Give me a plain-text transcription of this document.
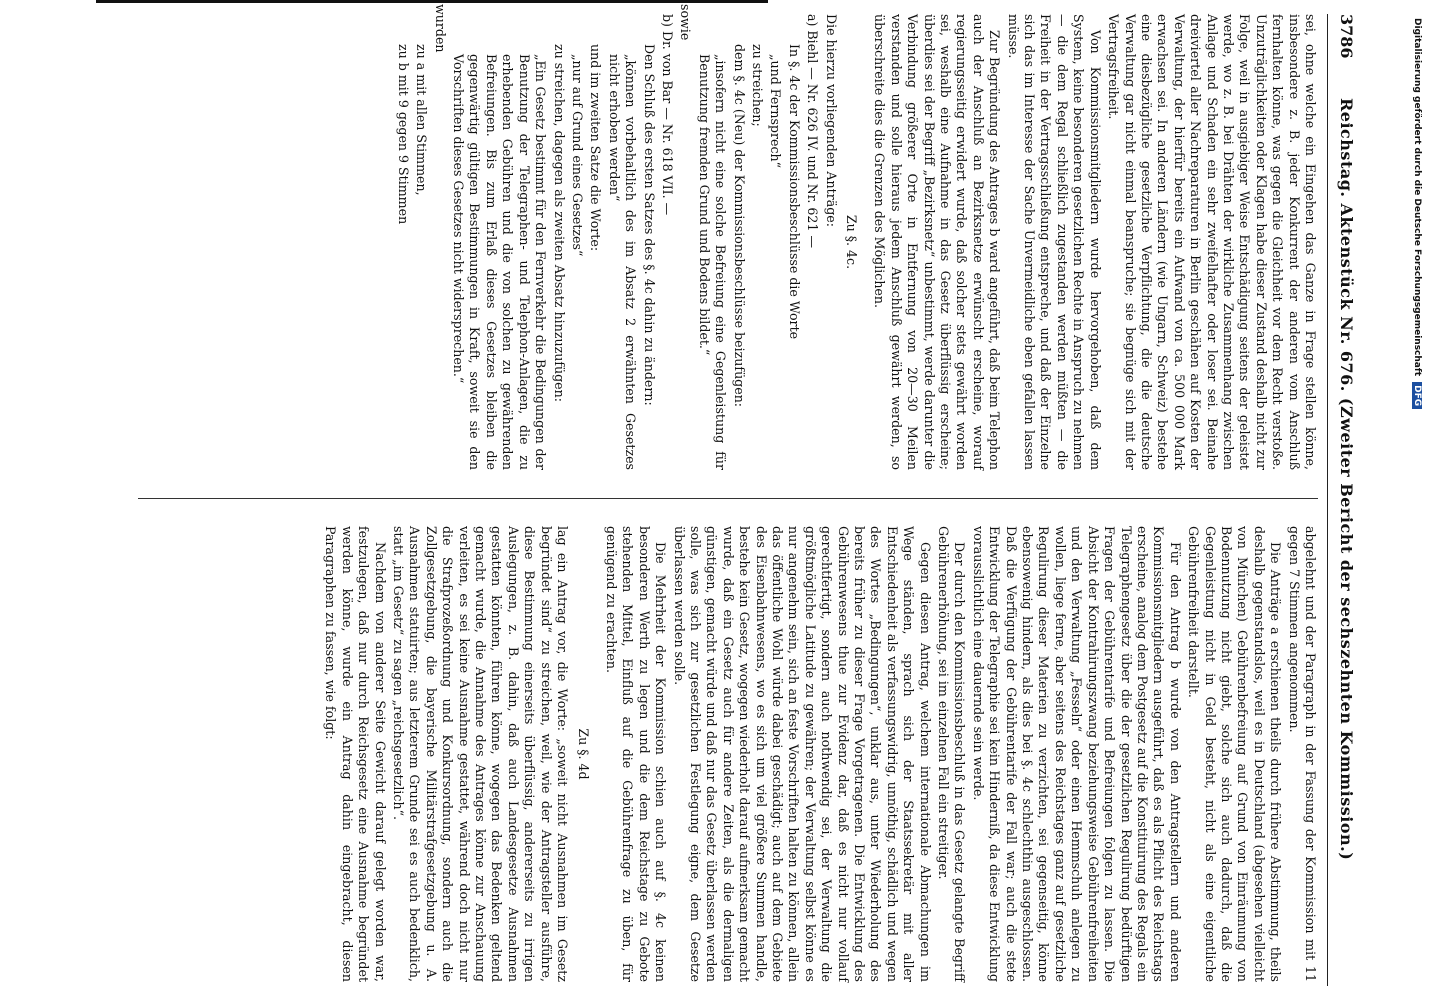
3786
Reichstag. Aktenstück Nr. 676. (Zweiter Bericht der sechszehnten Kommission.)

sei, ohne welche ein Eingehen das Ganze in Frage stellen könne, insbesondere z. B. jeder Konkurrent der anderen vom Anschluß fernhalten könne, was gegen die Gleichheit vor dem Recht verstoße. Unzuträglichkeiten oder Klagen habe dieser Zustand deshalb nicht zur Folge, weil in ausgiebiger Weise Entschädigung seitens der geleistet werde, wo z. B. bei Drähten der wirkliche Zusammenhang zwischen Anlage und Schaden ein sehr zweifelhafter oder loser sei. Beinahe dreiviertel aller Nachreparaturen in Berlin geschähen auf Kosten der Verwaltung, der hierfür bereits ein Aufwand von ca. 500 000 Mark erwachsen sei. In anderen Ländern (wie Ungarn, Schweiz) bestehe eine diesbezügliche gesetzliche Verpflichtung, die die deutsche Verwaltung gar nicht einmal beanspruche; sie begnüge sich mit der Vertragsfreiheit.

Von Kommissionsmitgliedern wurde hervorgehoben, daß dem System, keine besonderen gesetzlichen Rechte in Anspruch zu nehmen — die dem Regal schließlich zugestanden werden müßten — die Freiheit in der Vertragsschließung entspreche, und daß der Einzelne sich das im Interesse der Sache Unvermeidliche eben gefallen lassen müsse.

Zur Begründung des Antrages b ward angeführt, daß beim Telephon auch der Anschluß an Bezirksnetze erwünscht erscheine, worauf regierungsseitig erwidert wurde, daß solcher stets gewährt worden sei, weshalb eine Aufnahme in das Gesetz überflüssig erscheine; überdies sei der Begriff „Bezirksnetz“ unbestimmt, werde darunter die Verbindung größerer Orte in Entfernung von 20—30 Meilen verstanden und solle hieraus jedem Anschluß gewährt werden, so überschreite dies die Grenzen des Möglichen.

Zu §. 4c.

Die hierzu vorliegenden Anträge:

a) Biehl — Nr. 626 IV. und Nr. 621 —

In §. 4c der Kommissionsbeschlüsse die Worte

„und Fernsprech“

zu streichen;

dem §. 4c (Neu) der Kommissionsbeschlüsse beizufügen:

„insofern nicht eine solche Befreiung eine Gegenleistung für Benutzung fremden Grund und Bodens bildet.“

sowie

b) Dr. von Bar — Nr. 618 VII. —

Den Schluß des ersten Satzes des §. 4c dahin zu ändern:

„können vorbehaltlich des im Absatz 2 erwähnten Gesetzes nicht erhoben werden“

und im zweiten Satze die Worte:

„nur auf Grund eines Gesetzes“

zu streichen, dagegen als zweiten Absatz hinzuzufügen:

„Ein Gesetz bestimmt für den Fernverkehr die Bedingungen der Benutzung der Telegraphen- und Telephon-Anlagen, die zu erhebenden Gebühren und die von solchen zu gewährenden Befreiungen. Bis zum Erlaß dieses Gesetzes bleiben die gegenwärtig gültigen Bestimmungen in Kraft, soweit sie den Vorschriften dieses Gesetzes nicht widersprechen.“

wurden

zu a mit allen Stimmen,

zu b mit 9 gegen 9 Stimmen

abgelehnt und der Paragraph in der Fassung der Kommission mit 11 gegen 7 Stimmen angenommen.

Die Anträge a erschienen theils durch frühere Abstimmung, theils deshalb gegenstandslos, weil es in Deutschland (abgesehen vielleicht von München) Gebührenbefreiung auf Grund von Einräumung von Bodennutzung nicht giebt, solche sich auch dadurch, daß die Gegenleistung nicht in Geld besteht, nicht als eine eigentliche Gebührenfreiheit darstellt.

Für den Antrag b wurde von den Antragstellern und anderen Kommissionsmitgliedern ausgeführt, daß es als Pflicht des Reichstags erscheine, analog dem Postgesetz auf die Konstituirung des Regals ein Telegraphengesetz über die der gesetzlichen Regulirung bedürftigen Fragen der Gebührentarife und Befreiungen folgen zu lassen. Die Absicht der Kontrahirungszwang beziehungsweise Gebührenfreiheiten und den Verwaltung „Fesseln“ oder einen Hemmschuh anlegen zu wollen, liege ferne, aber seitens des Reichstages ganz auf gesetzliche Regulirung dieser Materien zu verzichten, sei gegenseitig, könne ebensowenig hindern, als dies bei §. 4c schlechthin ausgeschlossen. Daß die Verfügung der Gebührentarife der Fall war; auch die stete Entwicklung der Telegraphie sei kein Hinderniß, da diese Entwicklung vorausslichtlich eine dauernde sein werde.

Der durch den Kommissionsbeschluß in das Gesetz gelangte Begriff Gebührenerhöhung, sei im einzelnen Fall ein streitiger.

Gegen diesen Antrag, welchem internationale Abmachungen im Wege ständen, sprach sich der Staatssekretär mit aller Entschiedenheit als verfassungswidrig, unnöthig, schädlich und wegen des Wortes „Bedingungen“, unklar aus, unter Wiederholung des bereits früher zu dieser Frage Vorgetragenen. Die Entwicklung des Gebührenwesens thue zur Evidenz dar, daß es nicht nur vollauf gerechtfertigt, sondern auch nothwendig sei, der Verwaltung die größtmögliche Latitude zu gewähren; der Verwaltung selbst könne es nur angenehm sein, sich an feste Vorschriften halten zu können, allein das öffentliche Wohl würde dabei geschädigt; auch auf dem Gebiete des Eisenbahnwesens, wo es sich um viel größere Summen handle, bestehe kein Gesetz, wogegen wiederholt darauf aufmerksam gemacht wurde, daß ein Gesetz auch für andere Zeiten, als die dermaligen günstigen, gemacht würde und daß nur das Gesetz überlassen werden solle, was sich zur gesetzlichen Festlegung eigne, dem Gesetze überlassen werden solle.

Die Mehrheit der Kommission schien auch auf §. 4c keinen besonderen Werth zu legen und die dem Reichstage zu Gebote stehenden Mittel, Einfluß auf die Gebührenfrage zu üben, für genügend zu erachten.

Zu §. 4d

lag ein Antrag vor, die Worte: „soweit nicht Ausnahmen im Gesetz begründet sind“ zu streichen, weil, wie der Antragsteller ausführe, diese Bestimmung einerseits überflüssig, andererseits zu irrigen Auslegungen, z. B. dahin, daß auch Landesgesetze Ausnahmen gestatten könnten, führen könne, wogegen das Bedenken geltend gemacht wurde, die Annahme des Antrages könne zur Anschauung verleiten, es sei keine Ausnahme gestattet, während doch nicht nur die Strafprozeßordnung und Konkursordnung, sondern auch die Zollgesetzgebung, die bayerische Militärstrafgesetzgebung u. A. Ausnahmen statuirten; aus letzterem Grunde sei es auch bedenklich, statt „im Gesetz“ zu sagen „reichsgesetzlich“.

Nachdem von anderer Seite Gewicht darauf gelegt worden war, festzulegen, daß nur durch Reichsgesetz eine Ausnahme begründet werden könne, wurde ein Antrag dahin eingebracht, diesen Paragraphen zu fassen, wie folgt:

Digitalisierung gefördert durch die Deutsche ForschungsgemeinschaftDFG
